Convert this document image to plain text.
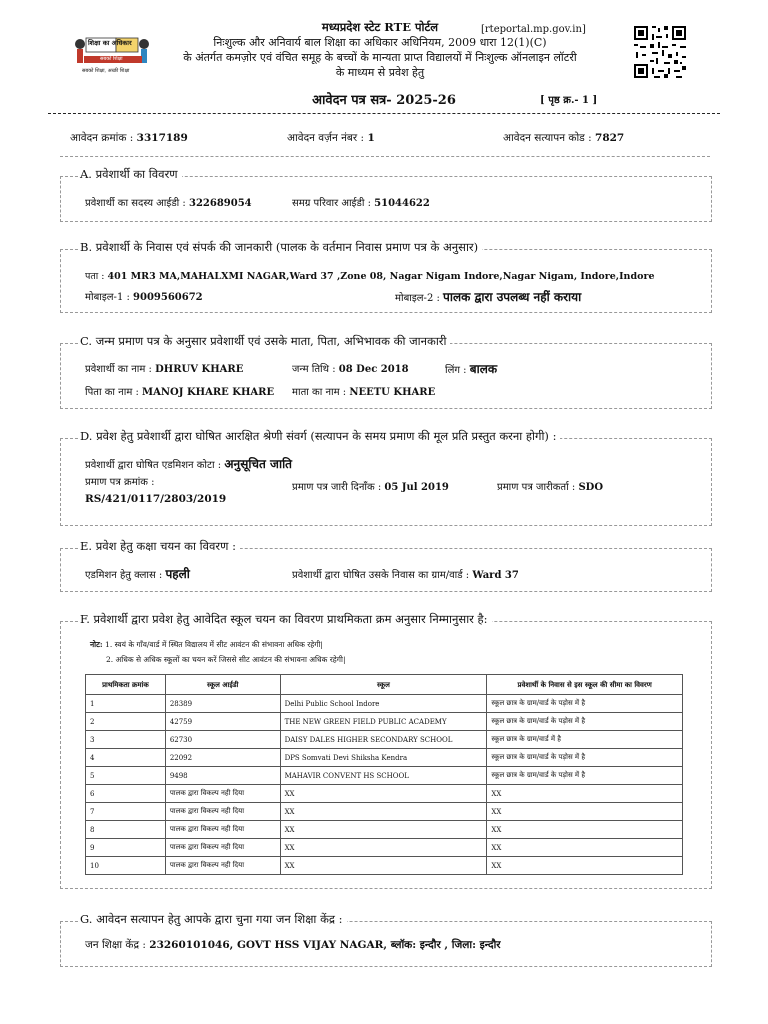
शिक्षा का अधिकार
सबको शिक्षा
सबको शिक्षा, अच्छी शिक्षा
मध्यप्रदेश स्टेट RTE पोर्टल
निःशुल्क और अनिवार्य बाल शिक्षा का अधिकार अधिनियम, 2009 धारा 12(1)(C)
के अंतर्गत कमज़ोर एवं वंचित समूह के बच्चों के मान्यता प्राप्त विद्यालयों में निःशुल्क ऑनलाइन लॉटरी
के माध्यम से प्रवेश हेतु
[rteportal.mp.gov.in]
आवेदन पत्र सत्र- 2025-26	[ पृष्ठ क्र.- 1 ]
आवेदन क्रमांक : 3317189	आवेदन वर्ज़न नंबर : 1	आवेदन सत्यापन कोड : 7827
A. प्रवेशार्थी का विवरण
प्रवेशार्थी का सदस्य आईडी : 322689054	समग्र परिवार आईडी : 51044622
B. प्रवेशार्थी के निवास एवं संपर्क की जानकारी (पालक के वर्तमान निवास प्रमाण पत्र के अनुसार)
पता : 401 MR3 MA,MAHALXMI NAGAR,Ward 37 ,Zone 08, Nagar Nigam Indore,Nagar Nigam, Indore,Indore
मोबाइल-1 : 9009560672	मोबाइल-2 : पालक द्वारा उपलब्ध नहीं कराया
C. जन्म प्रमाण पत्र के अनुसार प्रवेशार्थी एवं उसके माता, पिता, अभिभावक की जानकारी
प्रवेशार्थी का नाम : DHRUV KHARE	जन्म तिथि : 08 Dec 2018	लिंग : बालक
पिता का नाम : MANOJ KHARE KHARE माता का नाम : NEETU KHARE
D. प्रवेश हेतु प्रवेशार्थी द्वारा घोषित आरक्षित श्रेणी संवर्ग (सत्यापन के समय प्रमाण की मूल प्रति प्रस्तुत करना होगी) :
प्रवेशार्थी द्वारा घोषित एडमिशन कोटा : अनुसूचित जाति
प्रमाण पत्र क्रमांक :
RS/421/0117/2803/2019
प्रमाण पत्र जारी दिनाँक : 05 Jul 2019	प्रमाण पत्र जारीकर्ता : SDO
E. प्रवेश हेतु कक्षा चयन का विवरण :
एडमिशन हेतु क्लास : पहली	प्रवेशार्थी द्वारा घोषित उसके निवास का ग्राम/वार्ड : Ward 37
F. प्रवेशार्थी द्वारा प्रवेश हेतु आवेदित स्कूल चयन का विवरण प्राथमिकता क्रम अनुसार निम्मानुसार है:
नोट: 1. स्वयं के गाँव/वार्ड में स्थित विद्यालय में सीट आवंटन की संभावना अधिक रहेगी|
2. अधिक से अधिक स्कूलों का चयन करें जिससे सीट आवंटन की संभावना अधिक रहेगी|
प्राथमिकता क्रमांक	स्कूल आईडी	स्कूल	प्रवेशार्थी के निवास से इस स्कूल की सीमा का विवरण
1	28389	Delhi Public School Indore	स्कूल छात्र के ग्राम/वार्ड के पड़ोस में है
2	42759	THE NEW GREEN FIELD PUBLIC ACADEMY	स्कूल छात्र के ग्राम/वार्ड के पड़ोस में है
3	62730	DAISY DALES HIGHER SECONDARY SCHOOL	स्कूल छात्र के ग्राम/वार्ड में है
4	22092	DPS Somvati Devi Shiksha Kendra	स्कूल छात्र के ग्राम/वार्ड के पड़ोस में है
5	9498	MAHAVIR CONVENT HS SCHOOL	स्कूल छात्र के ग्राम/वार्ड के पड़ोस में है
6	पालक द्वारा विकल्प नही दिया	XX	XX
7	पालक द्वारा विकल्प नही दिया	XX	XX
8	पालक द्वारा विकल्प नही दिया	XX	XX
9	पालक द्वारा विकल्प नही दिया	XX	XX
10	पालक द्वारा विकल्प नही दिया	XX	XX
G. आवेदन सत्यापन हेतु आपके द्वारा चुना गया जन शिक्षा केंद्र :
जन शिक्षा केंद्र : 23260101046, GOVT HSS VIJAY NAGAR, ब्लॉक: इन्दौर , जिला: इन्दौर
